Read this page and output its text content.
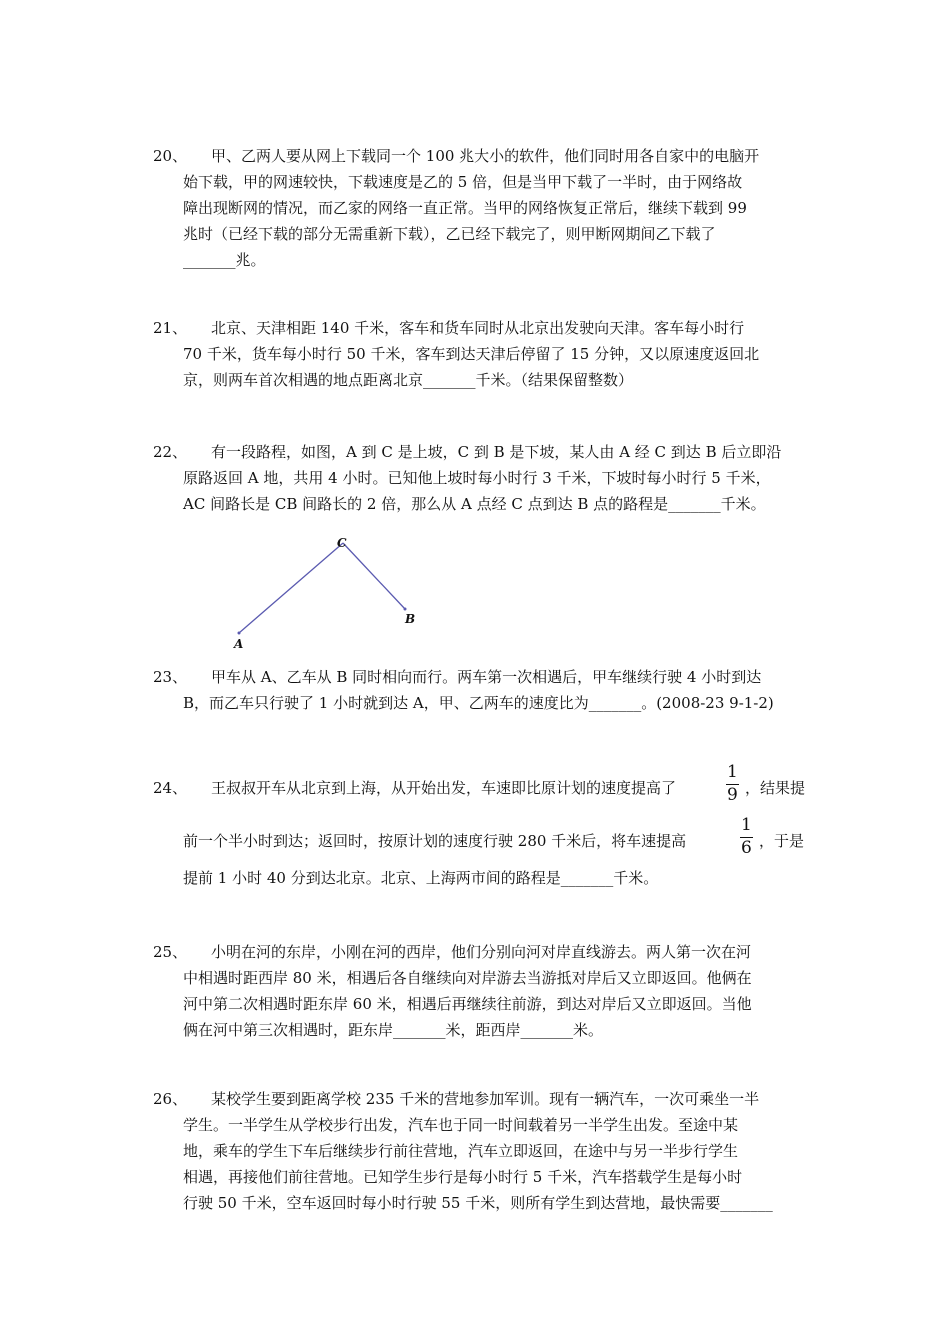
20、 甲、乙两人要从网上下载同一个 100 兆大小的软件，他们同时用各自家中的电脑开
始下载，甲的网速较快，下载速度是乙的 5 倍，但是当甲下载了一半时，由于网络故
障出现断网的情况，而乙家的网络一直正常。当甲的网络恢复正常后，继续下载到 99
兆时（已经下载的部分无需重新下载），乙已经下载完了，则甲断网期间乙下载了
_______兆。
21、 北京、天津相距 140 千米，客车和货车同时从北京出发驶向天津。客车每小时行
70 千米，货车每小时行 50 千米，客车到达天津后停留了 15 分钟，又以原速度返回北
京，则两车首次相遇的地点距离北京_______千米。（结果保留整数）
22、 有一段路程，如图，A 到 C 是上坡，C 到 B 是下坡，某人由 A 经 C 到达 B 后立即沿
原路返回 A 地，共用 4 小时。已知他上坡时每小时行 3 千米，下坡时每小时行 5 千米，
AC 间路长是 CB 间路长的 2 倍，那么从 A 点经 C 点到达 B 点的路程是_______千米。
C
B
A
23、 甲车从 A、乙车从 B 同时相向而行。两车第一次相遇后，甲车继续行驶 4 小时到达
B，而乙车只行驶了 1 小时就到达 A，甲、乙两车的速度比为_______。(2008-23 9-1-2)
24、 王叔叔开车从北京到上海，从开始出发，车速即比原计划的速度提高了
1
9 ，结果提
前一个半小时到达；返回时，按原计划的速度行驶 280 千米后，将车速提高
1
6 ，于是
提前 1 小时 40 分到达北京。北京、上海两市间的路程是_______千米。
25、 小明在河的东岸，小刚在河的西岸，他们分别向河对岸直线游去。两人第一次在河
中相遇时距西岸 80 米，相遇后各自继续向对岸游去当游抵对岸后又立即返回。他俩在
河中第二次相遇时距东岸 60 米，相遇后再继续往前游，到达对岸后又立即返回。当他
俩在河中第三次相遇时，距东岸_______米，距西岸_______米。
26、 某校学生要到距离学校 235 千米的营地参加军训。现有一辆汽车，一次可乘坐一半
学生。一半学生从学校步行出发，汽车也于同一时间载着另一半学生出发。至途中某
地，乘车的学生下车后继续步行前往营地，汽车立即返回，在途中与另一半步行学生
相遇，再接他们前往营地。已知学生步行是每小时行 5 千米，汽车搭载学生是每小时
行驶 50 千米，空车返回时每小时行驶 55 千米，则所有学生到达营地，最快需要_______
